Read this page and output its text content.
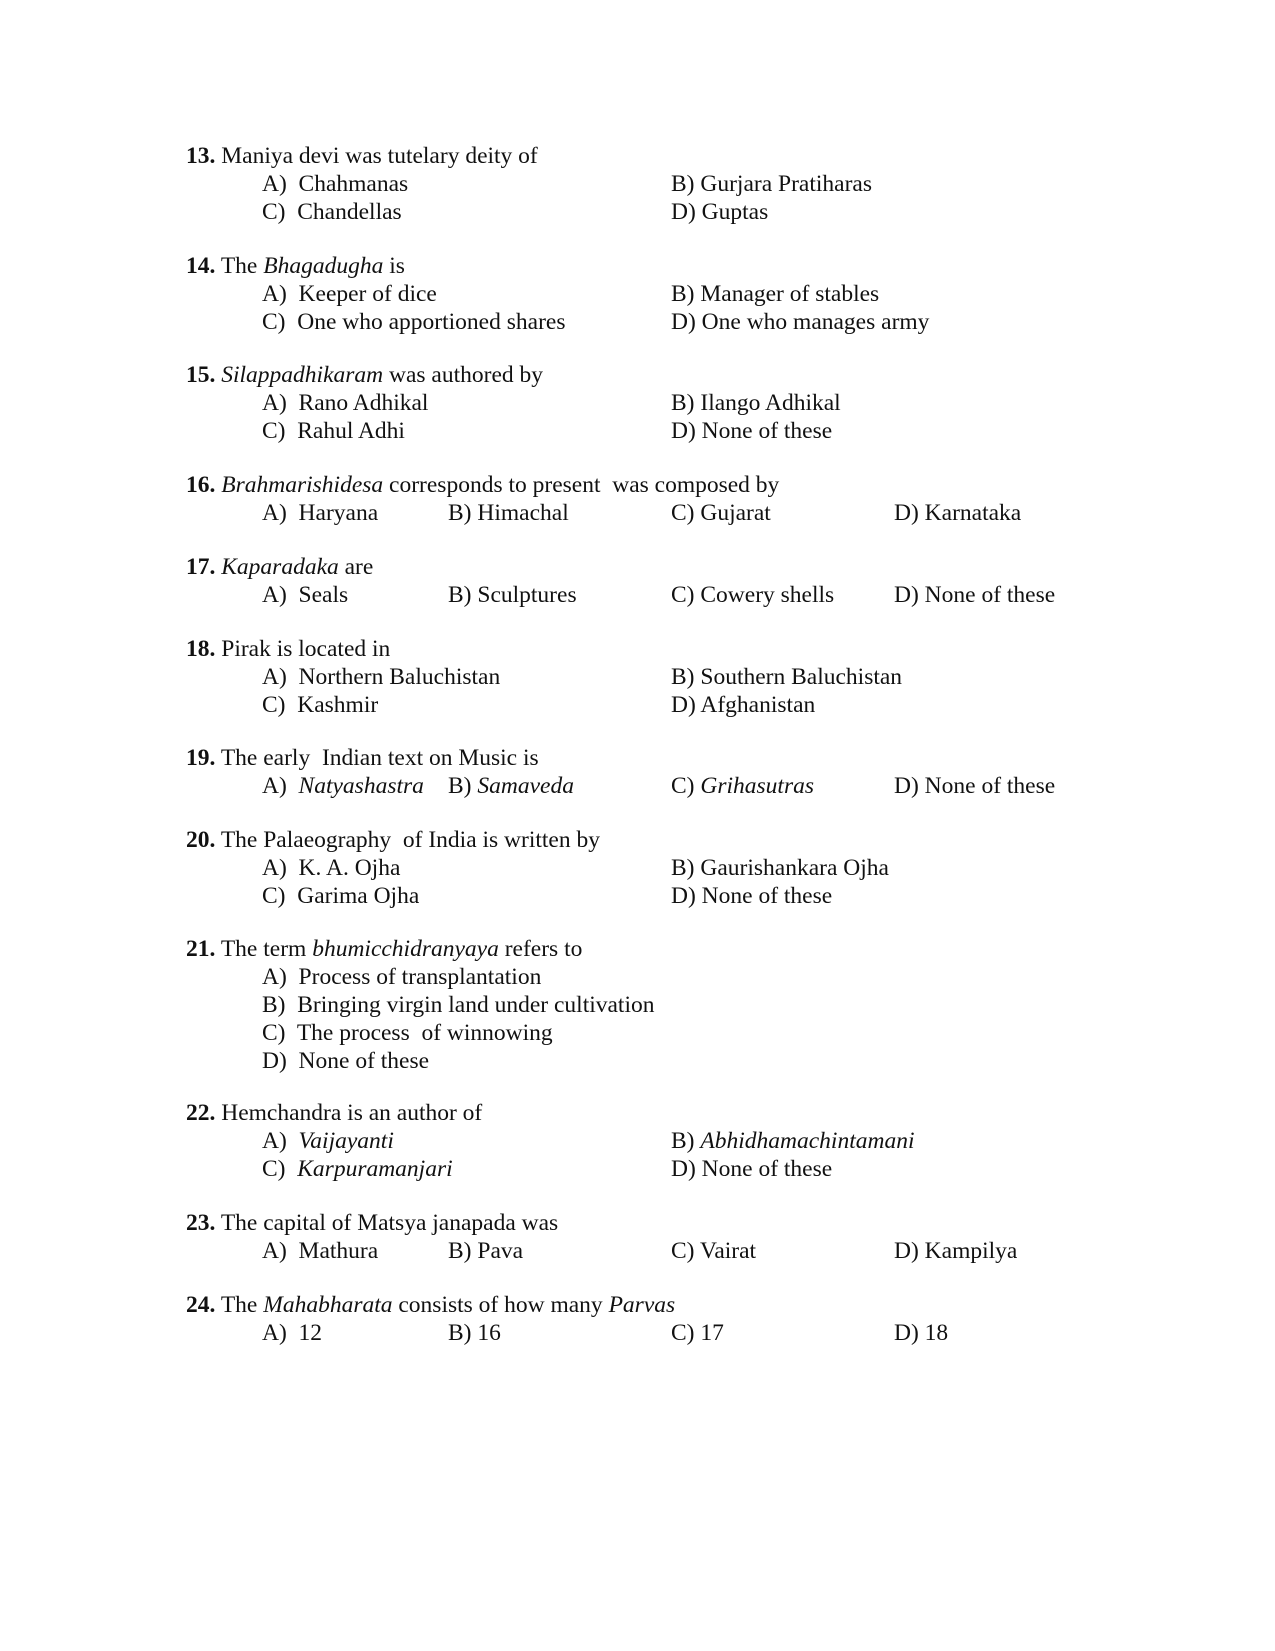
13. Maniya devi was tutelary deity of
A) Chahmanas	B) Gurjara Pratiharas
C) Chandellas	D) Guptas
14. The Bhagadugha is
A) Keeper of dice	B) Manager of stables
C) One who apportioned shares	D) One who manages army
15. Silappadhikaram was authored by
A) Rano Adhikal	B) Ilango Adhikal
C) Rahul Adhi	D) None of these
16. Brahmarishidesa corresponds to present  was composed by
A) Haryana	B) Himachal	C) Gujarat	D) Karnataka
17. Kaparadaka are
A) Seals	B) Sculptures	C) Cowery shells	D) None of these
18. Pirak is located in
A) Northern Baluchistan	B) Southern Baluchistan
C) Kashmir	D) Afghanistan
19. The early  Indian text on Music is
A) Natyashastra B) Samaveda	C) Grihasutras	D) None of these
20. The Palaeography  of India is written by
A) K. A. Ojha	B) Gaurishankara Ojha
C) Garima Ojha	D) None of these
21. The term bhumicchidranyaya refers to
A) Process of transplantation
B) Bringing virgin land under cultivation
C) The process  of winnowing
D) None of these
22. Hemchandra is an author of
A) Vaijayanti	B) Abhidhamachintamani
C) Karpuramanjari	D) None of these
23. The capital of Matsya janapada was
A) Mathura	B) Pava	C) Vairat	D) Kampilya
24. The Mahabharata consists of how many Parvas
A) 12	B) 16	C) 17	D) 18
